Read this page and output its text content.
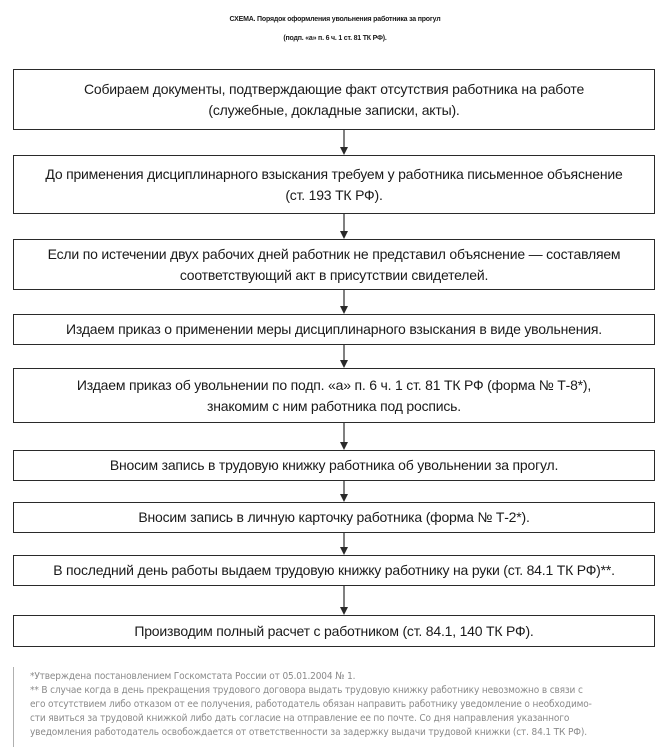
СХЕМА. Порядок оформления увольнения работника за прогул
(подп. «а» п. 6 ч. 1 ст. 81 ТК РФ).
Собираем документы, подтверждающие факт отсутствия работника на работе
(служебные, докладные записки, акты).
До применения дисциплинарного взыскания требуем у работника письменное объяснение
(ст. 193 ТК РФ).
Если по истечении двух рабочих дней работник не представил объяснение — составляем
соответствующий акт в присутствии свидетелей.
Издаем приказ о применении меры дисциплинарного взыскания в виде увольнения.
Издаем приказ об увольнении по подп. «а» п. 6 ч. 1 ст. 81 ТК РФ (форма № Т-8*),
знакомим с ним работника под роспись.
Вносим запись в трудовую книжку работника об увольнении за прогул.
Вносим запись в личную карточку работника (форма № Т-2*).
В последний день работы выдаем трудовую книжку работнику на руки (ст. 84.1 ТК РФ)**.
Производим полный расчет с работником (ст. 84.1, 140 ТК РФ).
*Утверждена постановлением Госкомстата России от 05.01.2004 № 1.
** В случае когда в день прекращения трудового договора выдать трудовую книжку работнику невозможно в связи с
его отсутствием либо отказом от ее получения, работодатель обязан направить работнику уведомление о необходимо-
сти явиться за трудовой книжкой либо дать согласие на отправление ее по почте. Со дня направления указанного
уведомления работодатель освобождается от ответственности за задержку выдачи трудовой книжки (ст. 84.1 ТК РФ).
